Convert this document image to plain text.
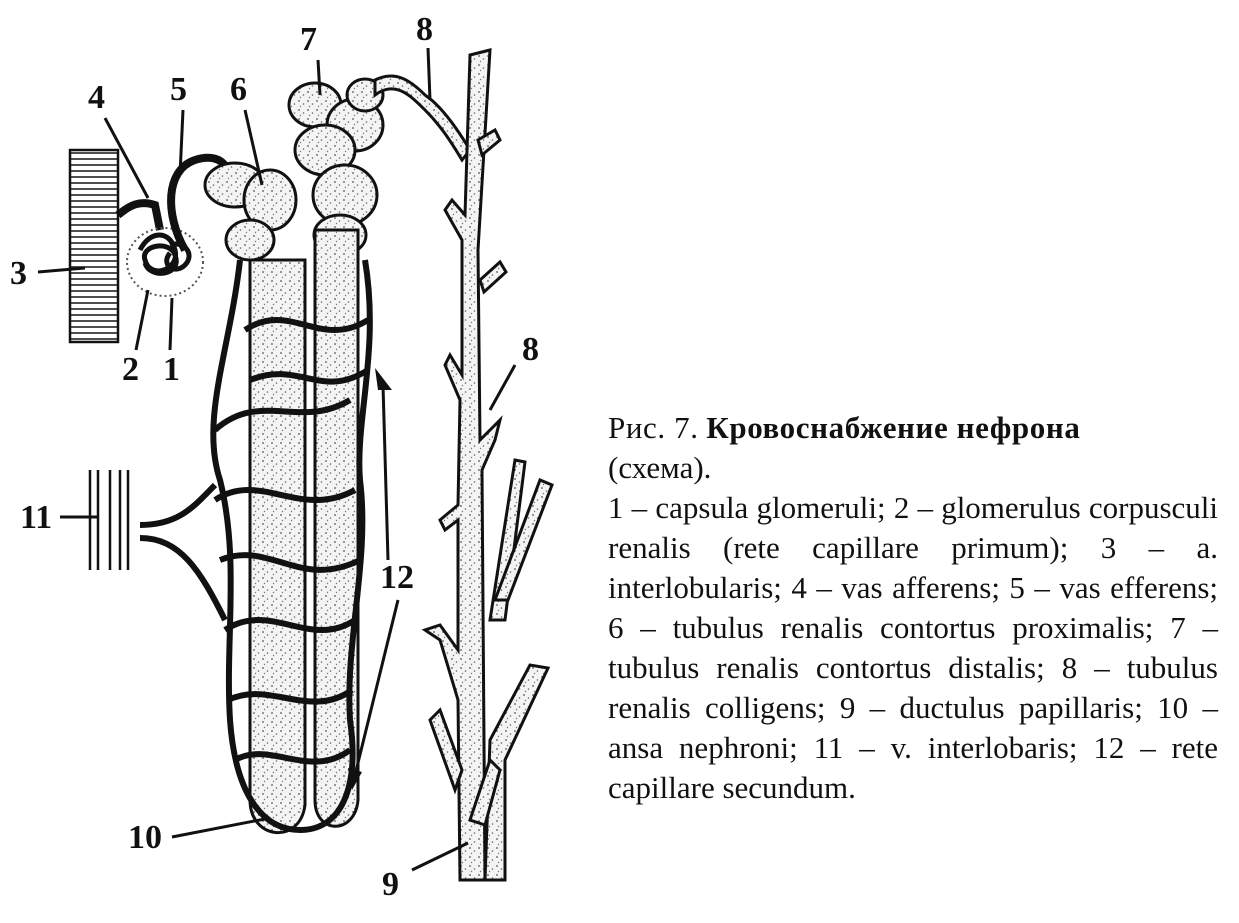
3
4 5 6
7	8
2 1
8
11
12
10
9

Рис. 7. Кровоснабжение нефрона

(схема).

1 – capsula glomeruli; 2 – glomerulus corpusculi renalis (rete capillare primum); 3 – a. interlobularis; 4 – vas afferens; 5 – vas efferens; 6 – tubulus renalis contortus proximalis; 7 – tubulus renalis contortus distalis; 8 – tubulus renalis colligens; 9 – ductulus papillaris; 10 – ansa nephroni; 11 – v. interlobaris; 12 – rete capillare secundum.
